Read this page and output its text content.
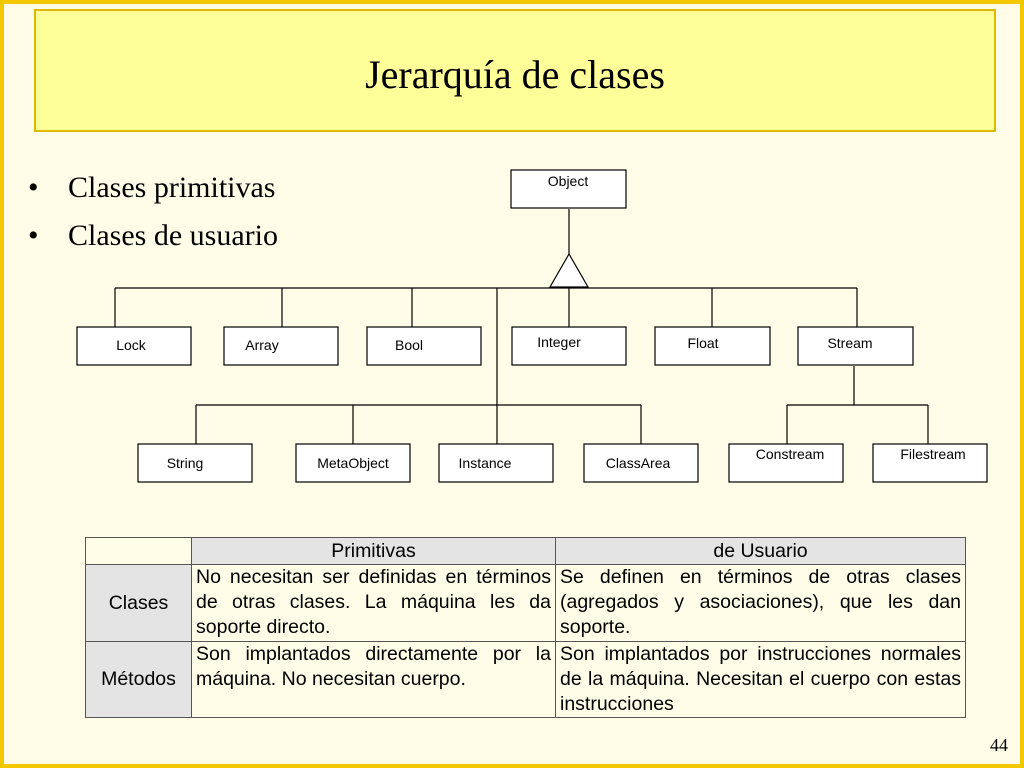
Jerarquía de clases
• Clases primitivas
• Clases de usuario
Object
Lock	Array	Bool	Integer	Float	Stream
String	MetaObject	Instance	ClassArea
Constream	Filestream
	Primitivas	de Usuario
Clases	No necesitan ser definidas en términos de otras clases. La máquina les da soporte directo.	Se definen en términos de otras clases (agregados y asociaciones), que les dan soporte.
Métodos	Son implantados directamente por la máquina. No necesitan cuerpo.	Son implantados por instrucciones normales de la máquina. Necesitan el cuerpo con estas instrucciones
44
